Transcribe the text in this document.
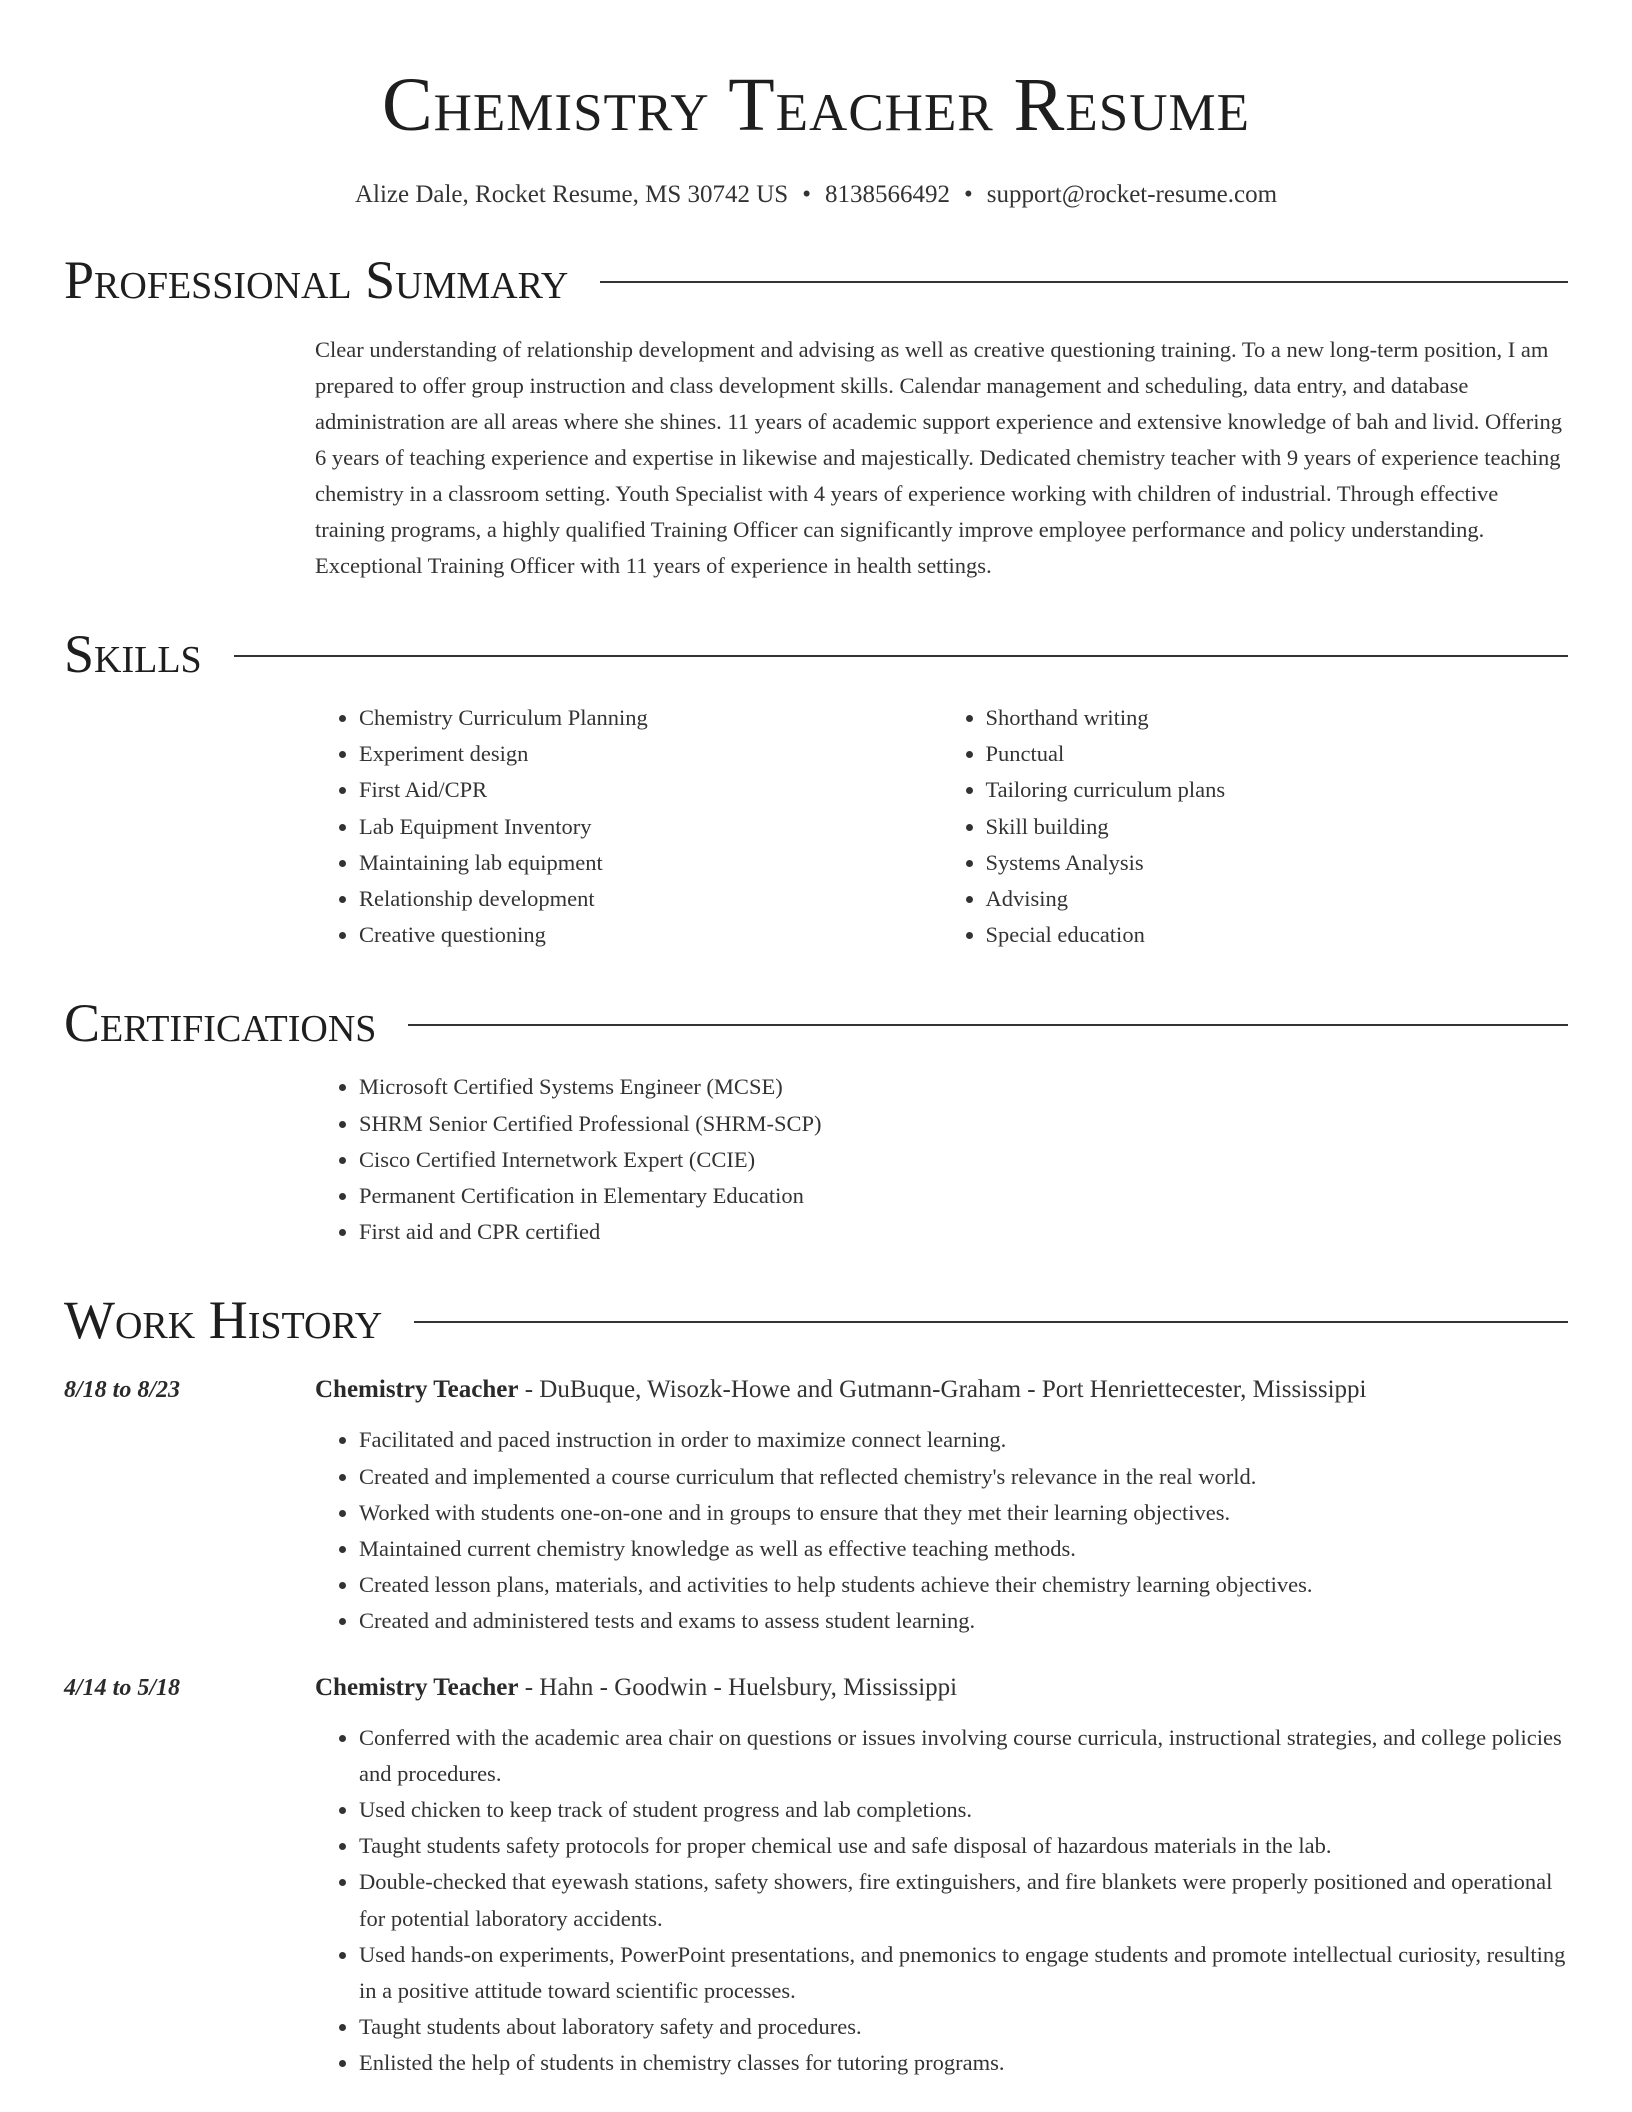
Chemistry Teacher Resume
Alize Dale, Rocket Resume, MS 30742 US • 8138566492 • support@rocket-resume.com
Professional Summary
Clear understanding of relationship development and advising as well as creative questioning training. To a new long-term position, I am prepared to offer group instruction and class development skills. Calendar management and scheduling, data entry, and database administration are all areas where she shines. 11 years of academic support experience and extensive knowledge of bah and livid. Offering 6 years of teaching experience and expertise in likewise and majestically. Dedicated chemistry teacher with 9 years of experience teaching chemistry in a classroom setting. Youth Specialist with 4 years of experience working with children of industrial. Through effective training programs, a highly qualified Training Officer can significantly improve employee performance and policy understanding. Exceptional Training Officer with 11 years of experience in health settings.
Skills
• Chemistry Curriculum Planning
• Experiment design
• First Aid/CPR
• Lab Equipment Inventory
• Maintaining lab equipment
• Relationship development
• Creative questioning
• Shorthand writing
• Punctual
• Tailoring curriculum plans
• Skill building
• Systems Analysis
• Advising
• Special education
Certifications
• Microsoft Certified Systems Engineer (MCSE)
• SHRM Senior Certified Professional (SHRM-SCP)
• Cisco Certified Internetwork Expert (CCIE)
• Permanent Certification in Elementary Education
• First aid and CPR certified
Work History
8/18 to 8/23	Chemistry Teacher - DuBuque, Wisozk-Howe and Gutmann-Graham - Port Henriettecester, Mississippi
• Facilitated and paced instruction in order to maximize connect learning.
• Created and implemented a course curriculum that reflected chemistry's relevance in the real world.
• Worked with students one-on-one and in groups to ensure that they met their learning objectives.
• Maintained current chemistry knowledge as well as effective teaching methods.
• Created lesson plans, materials, and activities to help students achieve their chemistry learning objectives.
• Created and administered tests and exams to assess student learning.
4/14 to 5/18	Chemistry Teacher - Hahn - Goodwin - Huelsbury, Mississippi
• Conferred with the academic area chair on questions or issues involving course curricula, instructional strategies, and college policies and procedures.
• Used chicken to keep track of student progress and lab completions.
• Taught students safety protocols for proper chemical use and safe disposal of hazardous materials in the lab.
• Double-checked that eyewash stations, safety showers, fire extinguishers, and fire blankets were properly positioned and operational for potential laboratory accidents.
• Used hands-on experiments, PowerPoint presentations, and pnemonics to engage students and promote intellectual curiosity, resulting in a positive attitude toward scientific processes.
• Taught students about laboratory safety and procedures.
• Enlisted the help of students in chemistry classes for tutoring programs.
